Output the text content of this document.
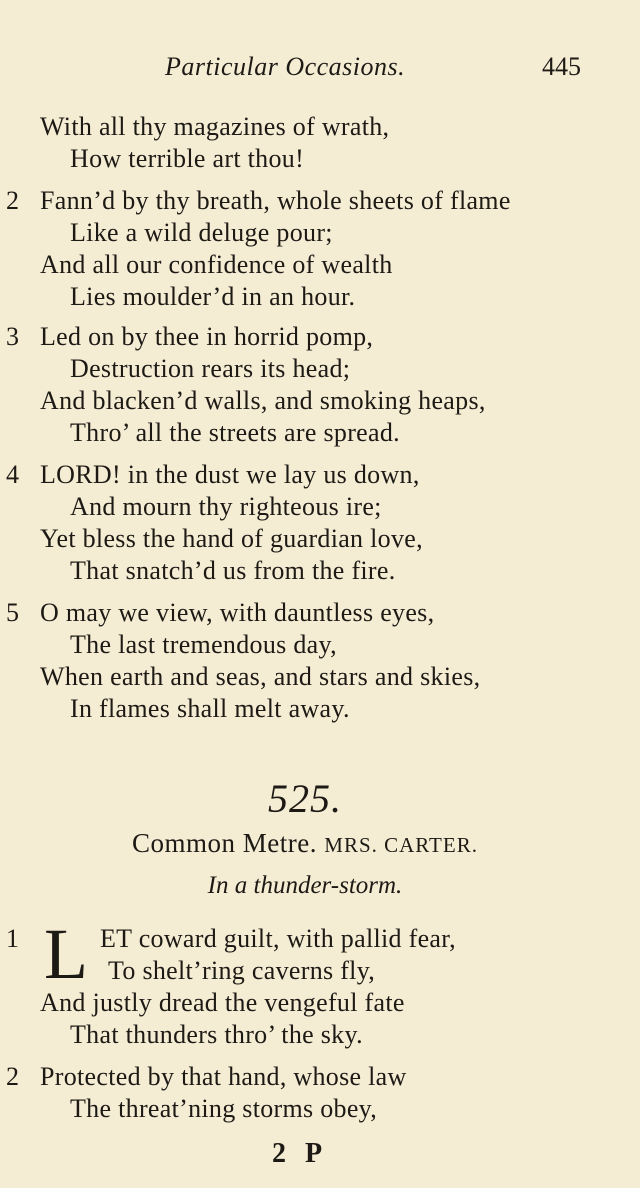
Particular Occasions.	445
With all thy magazines of wrath,
How terrible art thou!
2 Fann’d by thy breath, whole sheets of flame
Like a wild deluge pour;
And all our confidence of wealth
Lies moulder’d in an hour.
3 Led on by thee in horrid pomp,
Destruction rears its head;
And blacken’d walls, and smoking heaps,
Thro’ all the streets are spread.
4 LORD! in the dust we lay us down,
And mourn thy righteous ire;
Yet bless the hand of guardian love,
That snatch’d us from the fire.
5 O may we view, with dauntless eyes,
The last tremendous day,
When earth and seas, and stars and skies,
In flames shall melt away.
525.
Common Metre. MRS. CARTER.
In a thunder-storm.
1 L ET coward guilt, with pallid fear,
To shelt’ring caverns fly,
And justly dread the vengeful fate
That thunders thro’ the sky.
2 Protected by that hand, whose law
The threat’ning storms obey,
2 P
